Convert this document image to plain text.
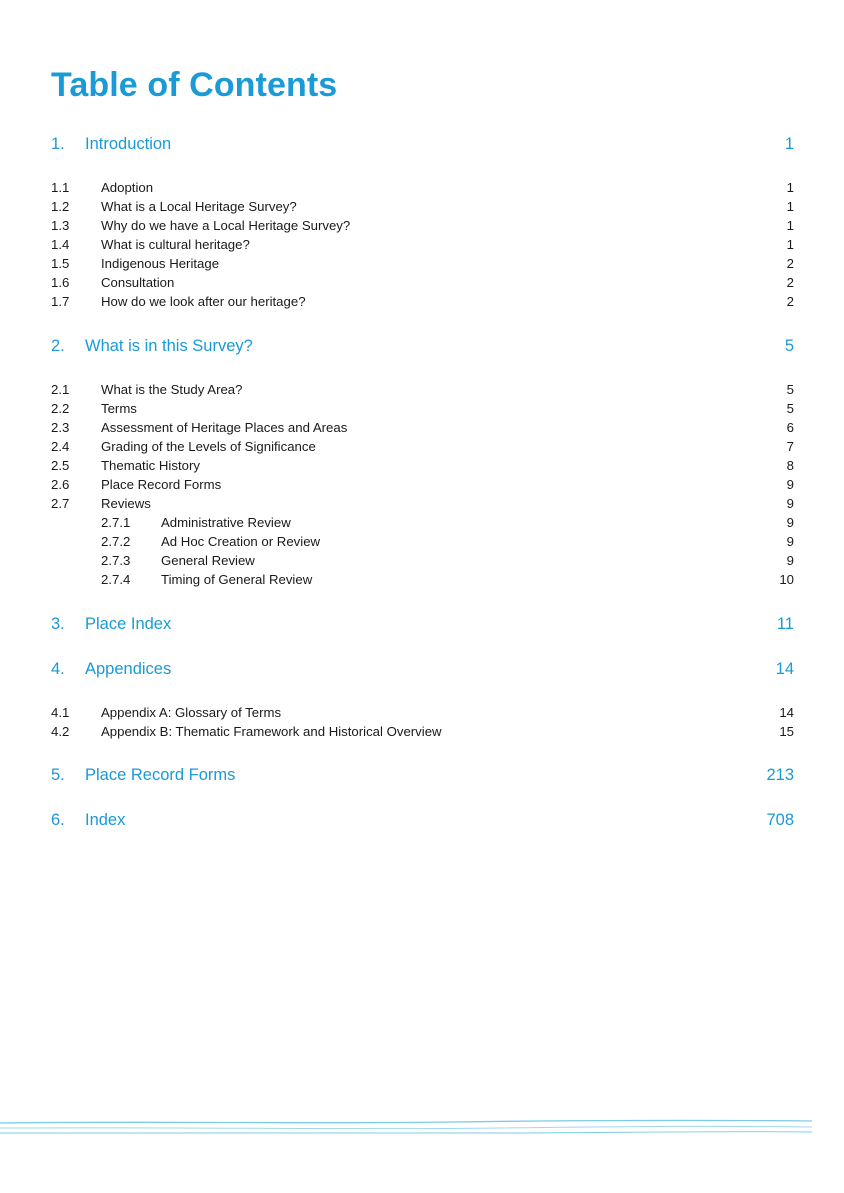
Table of Contents
1. Introduction	1
1.1 Adoption	1
1.2 What is a Local Heritage Survey?	1
1.3 Why do we have a Local Heritage Survey?	1
1.4 What is cultural heritage?	1
1.5 Indigenous Heritage	2
1.6 Consultation	2
1.7 How do we look after our heritage?	2
2. What is in this Survey?	5
2.1 What is the Study Area?	5
2.2 Terms	5
2.3 Assessment of Heritage Places and Areas	6
2.4 Grading of the Levels of Significance	7
2.5 Thematic History	8
2.6 Place Record Forms	9
2.7 Reviews	9
2.7.1 Administrative Review	9
2.7.2 Ad Hoc Creation or Review	9
2.7.3 General Review	9
2.7.4 Timing of General Review	10
3. Place Index	11
4. Appendices	14
4.1 Appendix A: Glossary of Terms	14
4.2 Appendix B: Thematic Framework and Historical Overview	15
5. Place Record Forms	213
6. Index	708
